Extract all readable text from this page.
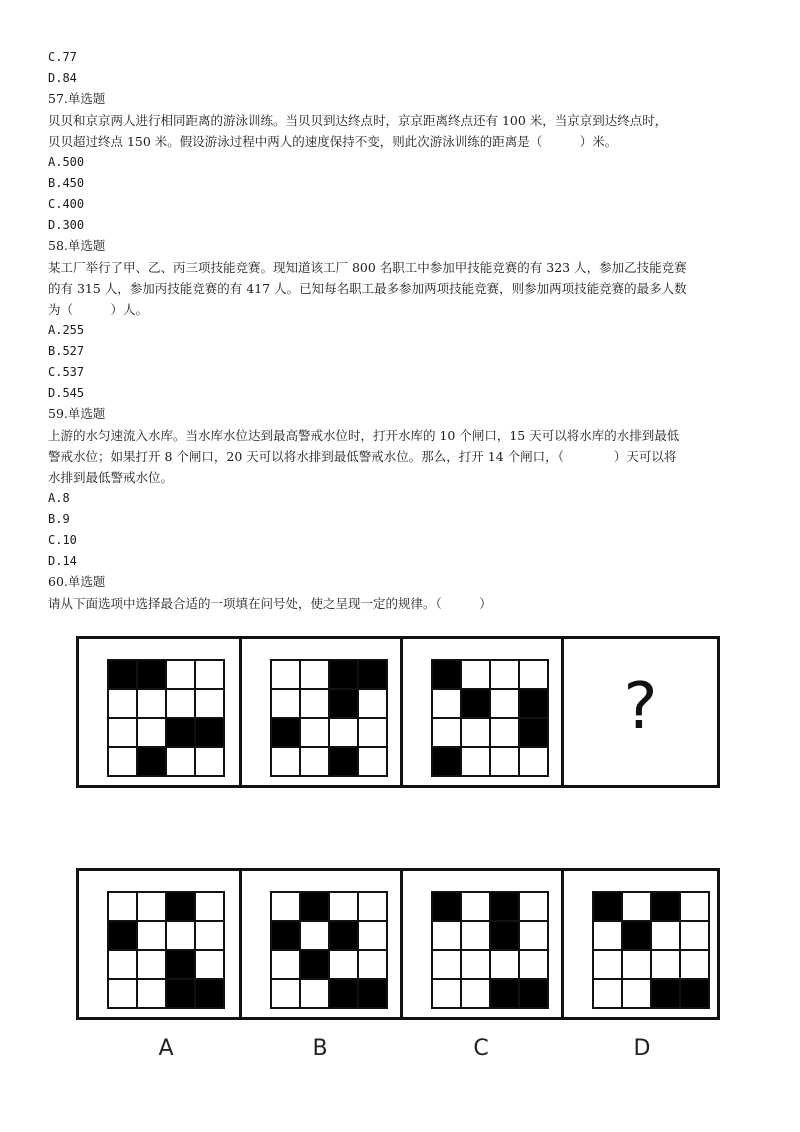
C.77
D.84
57.单选题
贝贝和京京两人进行相同距离的游泳训练。当贝贝到达终点时，京京距离终点还有 100 米，当京京到达终点时，
贝贝超过终点 150 米。假设游泳过程中两人的速度保持不变，则此次游泳训练的距离是（　　　）米。
A.500
B.450
C.400
D.300
58.单选题
某工厂举行了甲、乙、丙三项技能竞赛。现知道该工厂 800 名职工中参加甲技能竞赛的有 323 人，参加乙技能竞赛
的有 315 人，参加丙技能竞赛的有 417 人。已知每名职工最多参加两项技能竞赛，则参加两项技能竞赛的最多人数
为（　　　）人。
A.255
B.527
C.537
D.545
59.单选题
上游的水匀速流入水库。当水库水位达到最高警戒水位时，打开水库的 10 个闸口，15 天可以将水库的水排到最低
警戒水位；如果打开 8 个闸口，20 天可以将水排到最低警戒水位。那么，打开 14 个闸口，（　　　　）天可以将
水排到最低警戒水位。
A.8
B.9
C.10
D.14
60.单选题
请从下面选项中选择最合适的一项填在问号处，使之呈现一定的规律。（　　　）
?
A	B	C	D
